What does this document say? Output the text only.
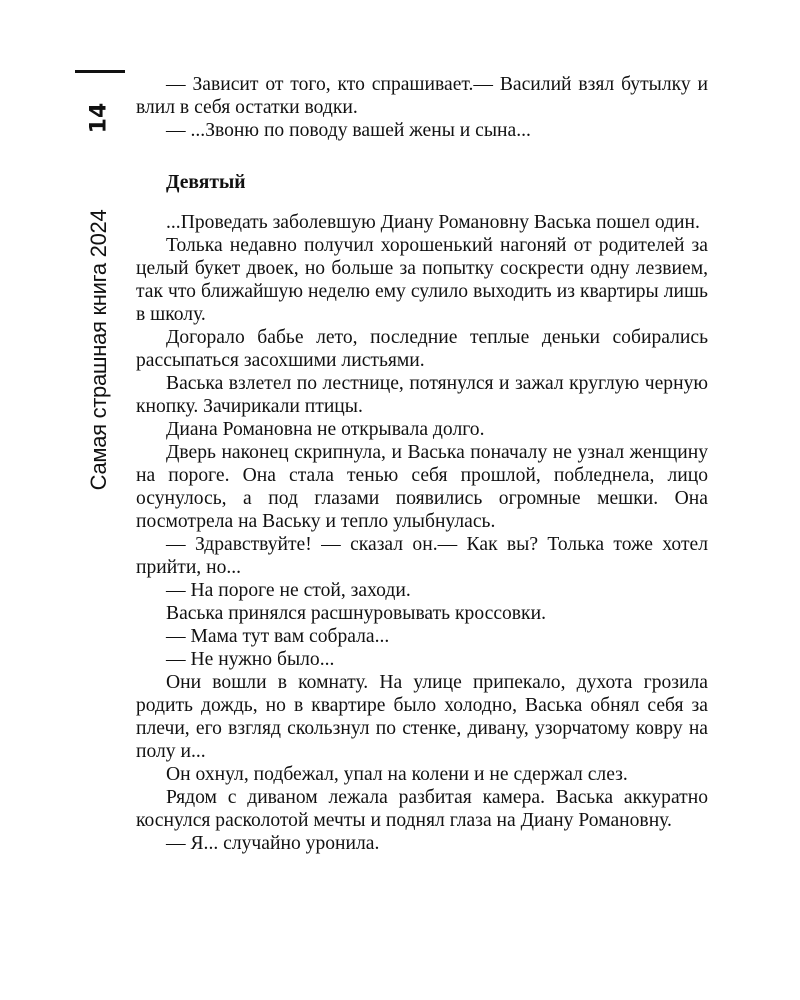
14
Самая страшная книга 2024

— Зависит от того, кто спрашивает.— Василий взял бутылку и влил в себя остатки водки.

— ...Звоню по поводу вашей жены и сына...

Девятый

...Проведать заболевшую Диану Романовну Васька пошел один.

Толька недавно получил хорошенький нагоняй от родителей за целый букет двоек, но больше за попытку соскрести одну лезвием, так что ближайшую неделю ему сулило выходить из квартиры лишь в школу.

Догорало бабье лето, последние теплые деньки собирались рассыпаться засохшими листьями.

Васька взлетел по лестнице, потянулся и зажал круглую черную кнопку. Зачирикали птицы.

Диана Романовна не открывала долго.

Дверь наконец скрипнула, и Васька поначалу не узнал женщину на пороге. Она стала тенью себя прошлой, побледнела, лицо осунулось, а под глазами появились огромные мешки. Она посмотрела на Ваську и тепло улыбнулась.

— Здравствуйте! — сказал он.— Как вы? Толька тоже хотел прийти, но...

— На пороге не стой, заходи.

Васька принялся расшнуровывать кроссовки.

— Мама тут вам собрала...

— Не нужно было...

Они вошли в комнату. На улице припекало, духота грозила родить дождь, но в квартире было холодно, Васька обнял себя за плечи, его взгляд скользнул по стенке, дивану, узорчатому ковру на полу и...

Он охнул, подбежал, упал на колени и не сдержал слез.

Рядом с диваном лежала разбитая камера. Васька аккуратно коснулся расколотой мечты и поднял глаза на Диану Романовну.

— Я... случайно уронила.
